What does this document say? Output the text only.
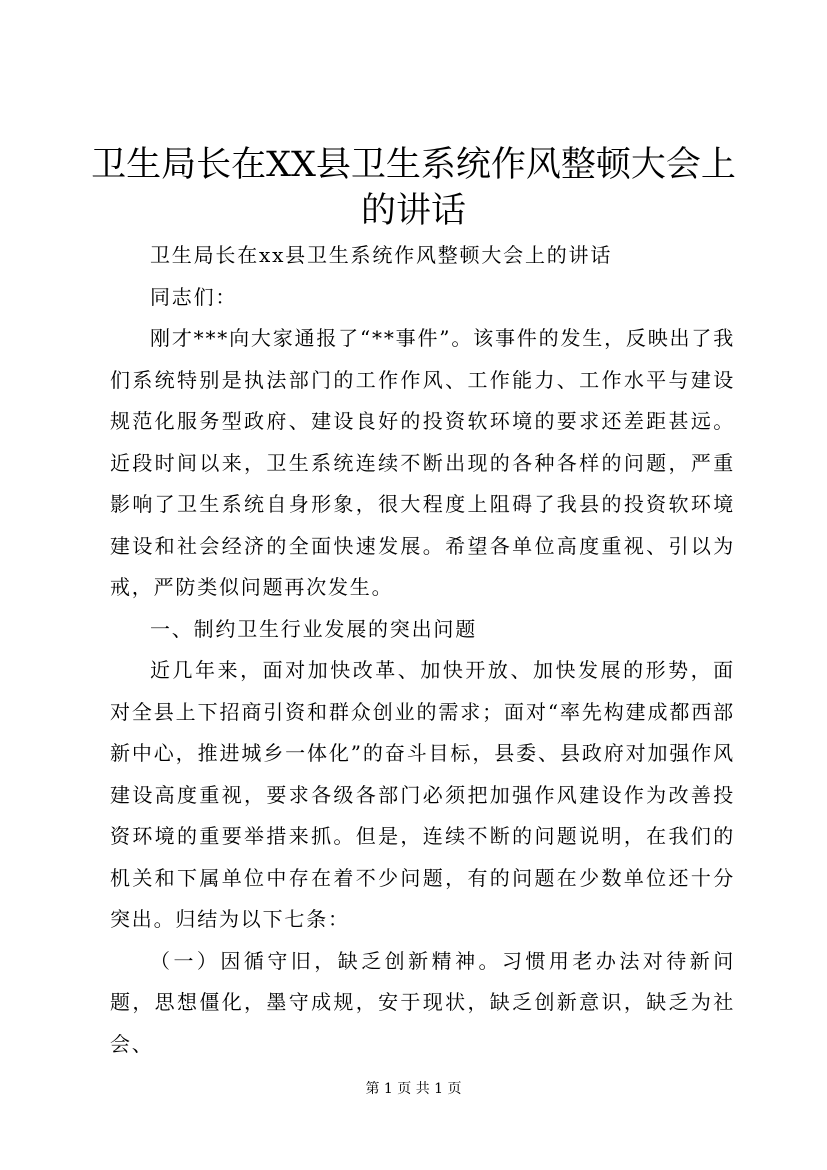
卫生局长在XX县卫生系统作风整顿大会上的讲话

卫生局长在xx县卫生系统作风整顿大会上的讲话

同志们：

刚才***向大家通报了“**事件”。该事件的发生，反映出了我们系统特别是执法部门的工作作风、工作能力、工作水平与建设规范化服务型政府、建设良好的投资软环境的要求还差距甚远。近段时间以来，卫生系统连续不断出现的各种各样的问题，严重影响了卫生系统自身形象，很大程度上阻碍了我县的投资软环境建设和社会经济的全面快速发展。希望各单位高度重视、引以为戒，严防类似问题再次发生。

一、制约卫生行业发展的突出问题

近几年来，面对加快改革、加快开放、加快发展的形势，面对全县上下招商引资和群众创业的需求；面对“率先构建成都西部新中心，推进城乡一体化”的奋斗目标，县委、县政府对加强作风建设高度重视，要求各级各部门必须把加强作风建设作为改善投资环境的重要举措来抓。但是，连续不断的问题说明，在我们的机关和下属单位中存在着不少问题，有的问题在少数单位还十分突出。归结为以下七条：

（一）因循守旧，缺乏创新精神。习惯用老办法对待新问题，思想僵化，墨守成规，安于现状，缺乏创新意识，缺乏为社会、

第 1 页 共 1 页
